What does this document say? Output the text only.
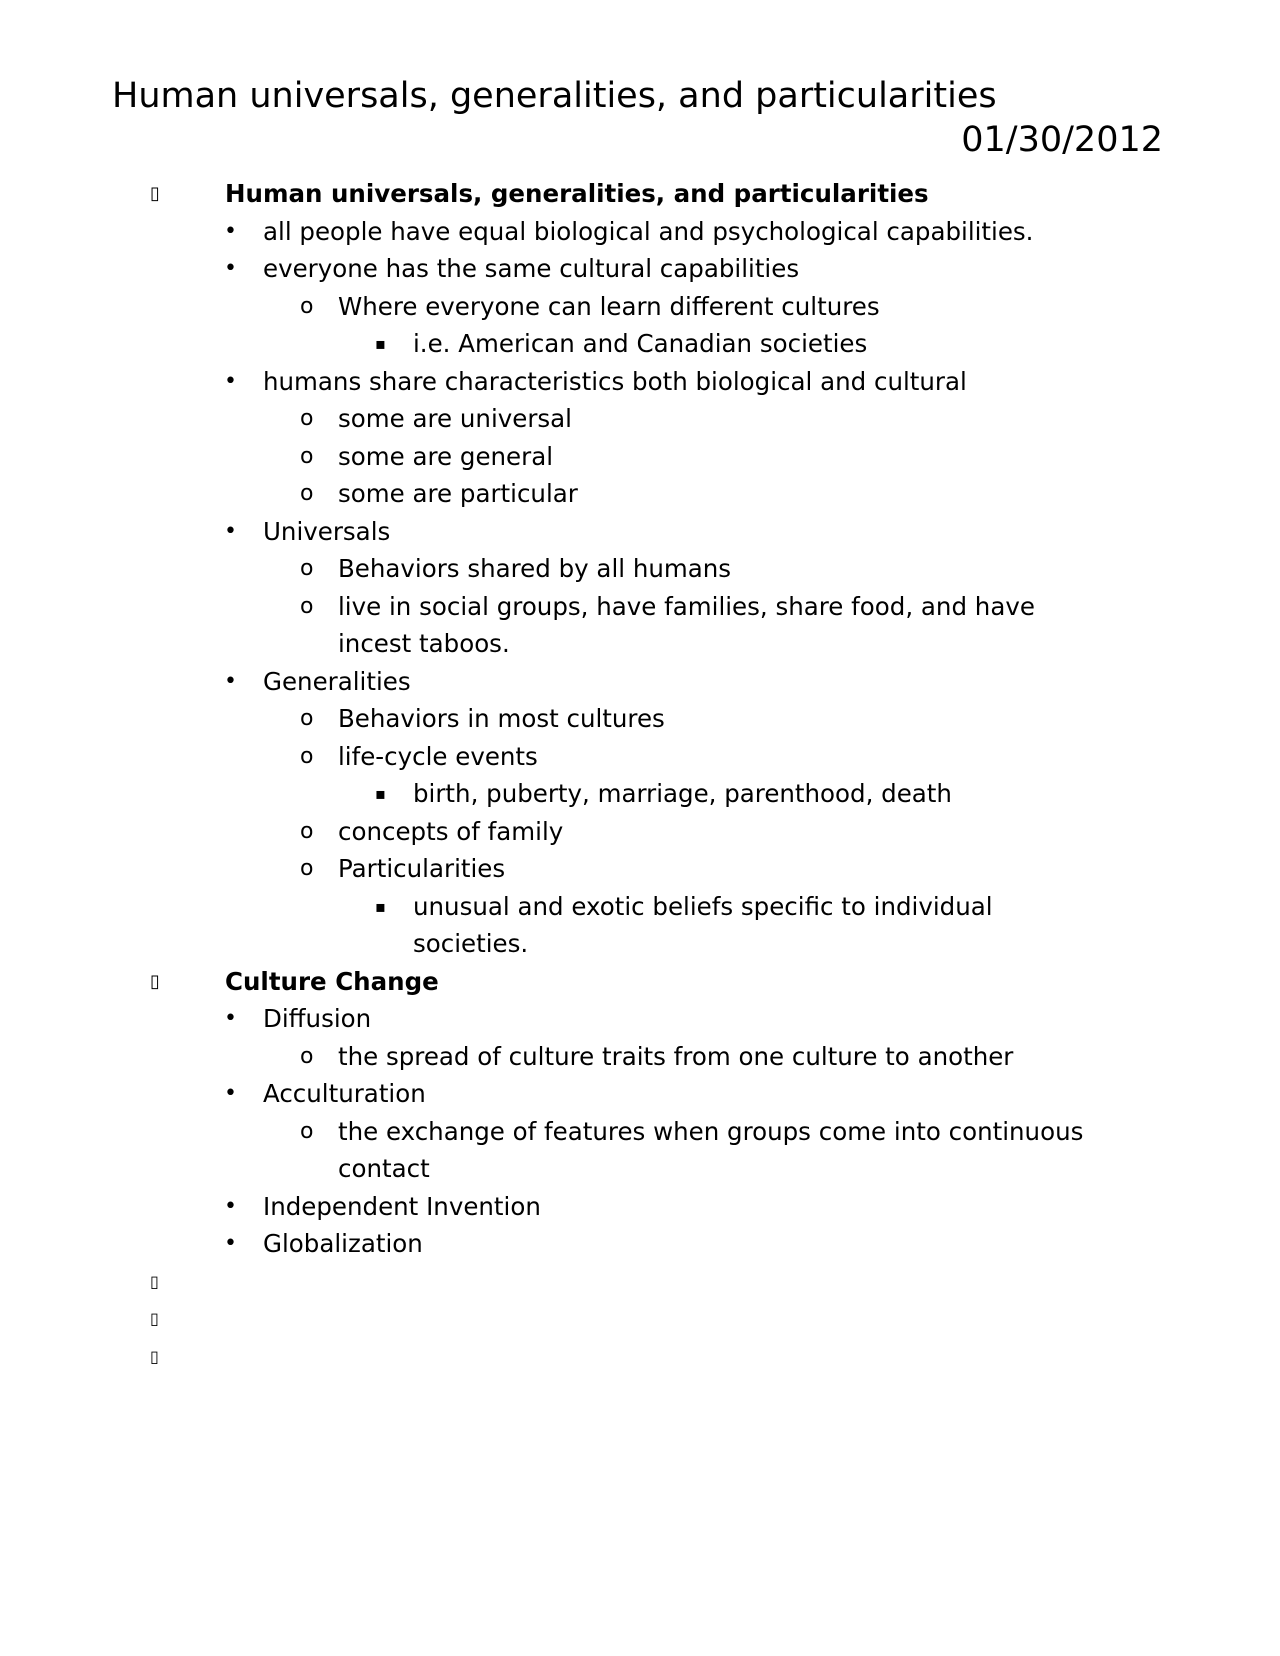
Human universals, generalities, and particularities
01/30/2012
▯	Human universals, generalities, and particularities
• all people have equal biological and psychological capabilities.
• everyone has the same cultural capabilities
o Where everyone can learn different cultures
▪ i.e. American and Canadian societies
• humans share characteristics both biological and cultural
o some are universal
o some are general
o some are particular
• Universals
o Behaviors shared by all humans
o live in social groups, have families, share food, and have
incest taboos.
• Generalities
o Behaviors in most cultures
o life-cycle events
▪ birth, puberty, marriage, parenthood, death
o concepts of family
o Particularities
▪ unusual and exotic beliefs specific to individual
societies.
▯	Culture Change
• Diffusion
o the spread of culture traits from one culture to another
• Acculturation
o the exchange of features when groups come into continuous
contact
• Independent Invention
• Globalization
▯
▯
▯
